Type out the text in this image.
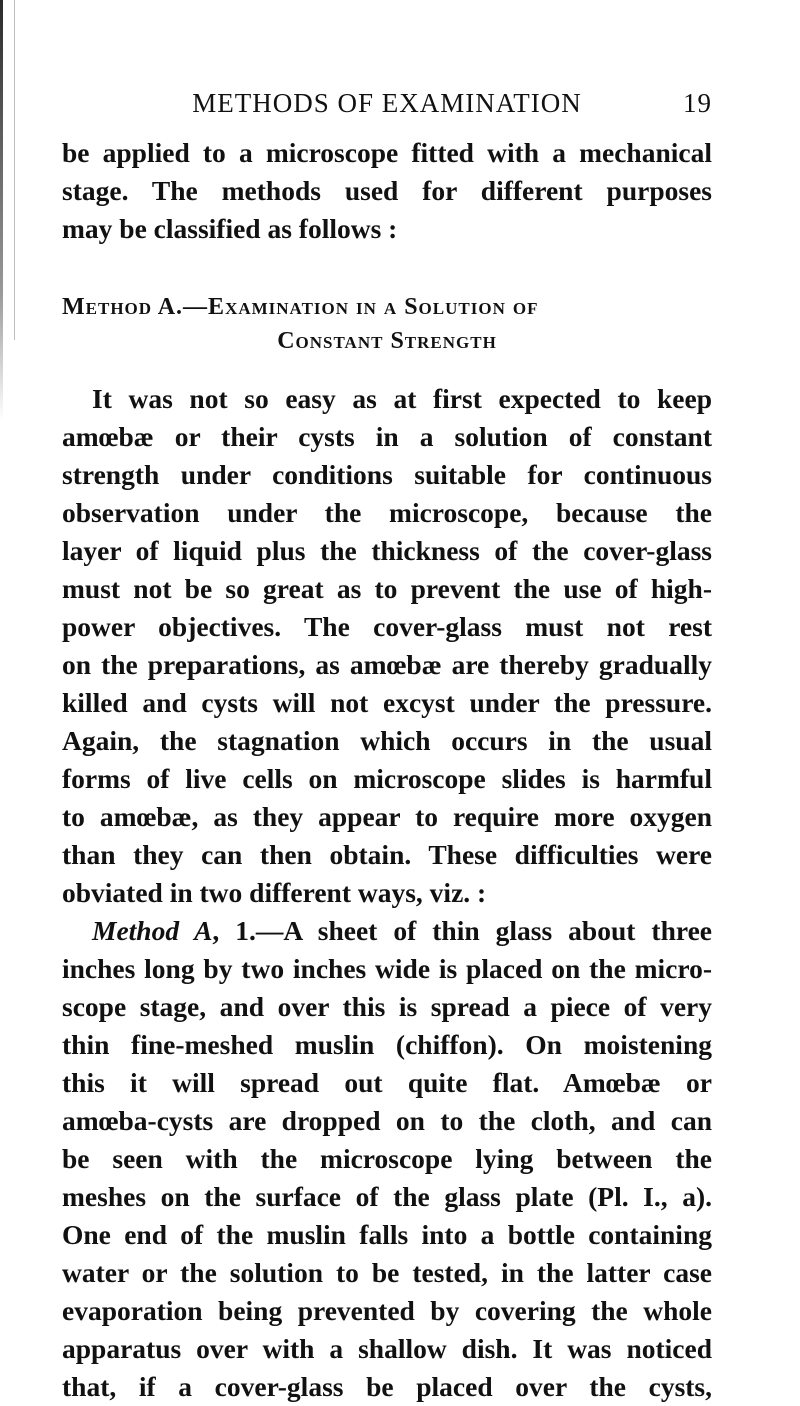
METHODS OF EXAMINATION	19
be applied to a microscope fitted with a mechanical
stage. The methods used for different purposes
may be classified as follows :
Method A.—Examination in a Solution of
Constant Strength
It was not so easy as at first expected to keep
amœbæ or their cysts in a solution of constant
strength under conditions suitable for continuous
observation under the microscope, because the
layer of liquid plus the thickness of the cover-glass
must not be so great as to prevent the use of high-
power objectives. The cover-glass must not rest
on the preparations, as amœbæ are thereby gradually
killed and cysts will not excyst under the pressure.
Again, the stagnation which occurs in the usual
forms of live cells on microscope slides is harmful
to amœbæ, as they appear to require more oxygen
than they can then obtain. These difficulties were
obviated in two different ways, viz. :
Method A, 1.—A sheet of thin glass about three
inches long by two inches wide is placed on the micro-
scope stage, and over this is spread a piece of very
thin fine-meshed muslin (chiffon). On moistening
this it will spread out quite flat. Amœbæ or
amœba-cysts are dropped on to the cloth, and can
be seen with the microscope lying between the
meshes on the surface of the glass plate (Pl. I., a).
One end of the muslin falls into a bottle containing
water or the solution to be tested, in the latter case
evaporation being prevented by covering the whole
apparatus over with a shallow dish. It was noticed
that, if a cover-glass be placed over the cysts,
